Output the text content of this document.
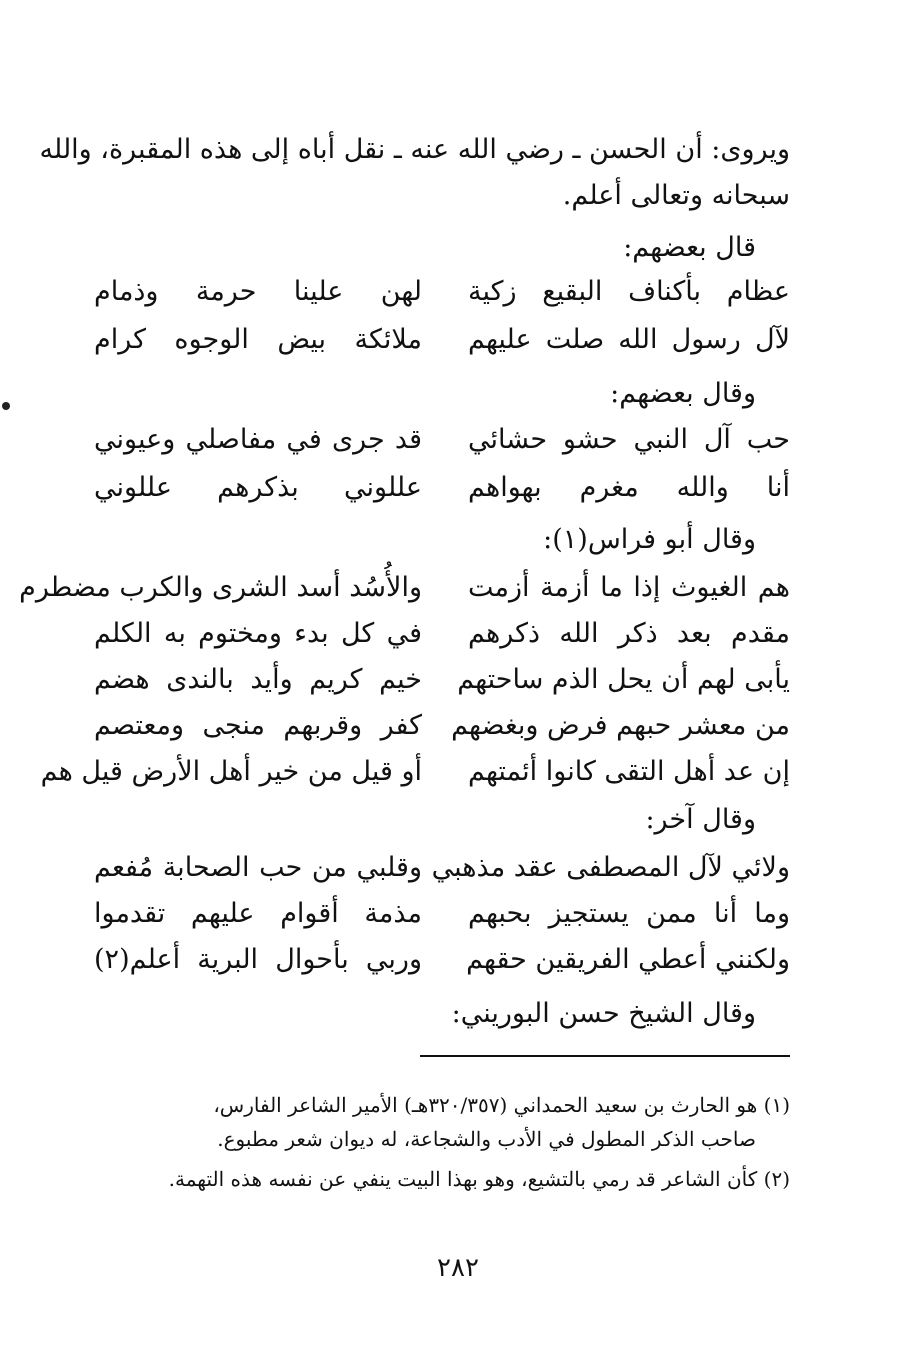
ويروى: أن الحسن ـ رضي الله عنه ـ نقل أباه إلى هذه المقبرة، والله
سبحانه وتعالى أعلم.
قال بعضهم:
عظام بأكناف البقيع زكية
لهن علينا حرمة وذمام
لآل رسول الله صلت عليهم
ملائكة بيض الوجوه كرام
وقال بعضهم:
حب آل النبي حشو حشائي
قد جرى في مفاصلي وعيوني
أنا والله مغرم بهواهم
عللوني بذكرهم عللوني
وقال أبو فراس(١):
هم الغيوث إذا ما أزمة أزمت
والأُسُد أسد الشرى والكرب مضطرم
مقدم بعد ذكر الله ذكرهم
في كل بدء ومختوم به الكلم
يأبى لهم أن يحل الذم ساحتهم
خيم كريم وأيد بالندى هضم
من معشر حبهم فرض وبغضهم
كفر وقربهم منجى ومعتصم
إن عد أهل التقى كانوا أئمتهم
أو قيل من خير أهل الأرض قيل هم
وقال آخر:
ولائي لآل المصطفى عقد مذهبي
وقلبي من حب الصحابة مُفعم
وما أنا ممن يستجيز بحبهم
مذمة أقوام عليهم تقدموا
ولكنني أعطي الفريقين حقهم
وربي بأحوال البرية أعلم(٢)
وقال الشيخ حسن البوريني:
(١) هو الحارث بن سعيد الحمداني (٣٢٠/٣٥٧هـ) الأمير الشاعر الفارس،
صاحب الذكر المطول في الأدب والشجاعة، له ديوان شعر مطبوع.
(٢) كأن الشاعر قد رمي بالتشيع، وهو بهذا البيت ينفي عن نفسه هذه التهمة.
٢٨٢
